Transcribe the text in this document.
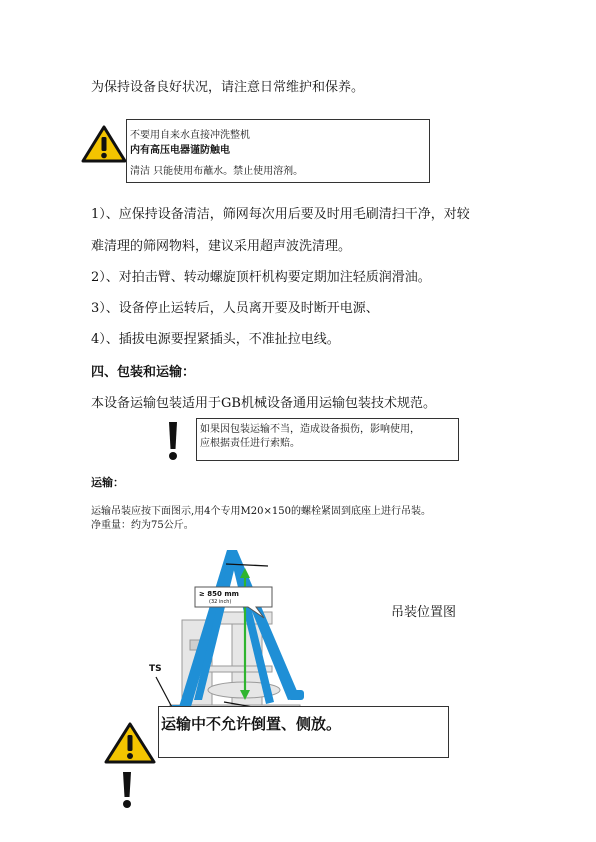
为保持设备良好状况，请注意日常维护和保养。
不要用自来水直接冲洗整机
内有高压电器谨防触电
清洁 只能使用布蘸水。禁止使用溶剂。
1）、应保持设备清洁，筛网每次用后要及时用毛刷清扫干净，对较
难清理的筛网物料，建议采用超声波洗清理。
2）、对拍击臂、转动螺旋顶杆机构要定期加注轻质润滑油。
3）、设备停止运转后，人员离开要及时断开电源、
4）、插拔电源要捏紧插头，不准扯拉电线。
四、包装和运输：
本设备运输包装适用于GB机械设备通用运输包装技术规范。
如果因包装运输不当，造成设备损伤，影响使用，
应根据责任进行索赔。
运输：
运输吊装应按下面图示,用4个专用M20×150的螺栓紧固到底座上进行吊装。
净重量：约为75公斤。
≥ 850 mm
(32 inch)
TS
吊装位置图
运输中不允许倒置、侧放。
